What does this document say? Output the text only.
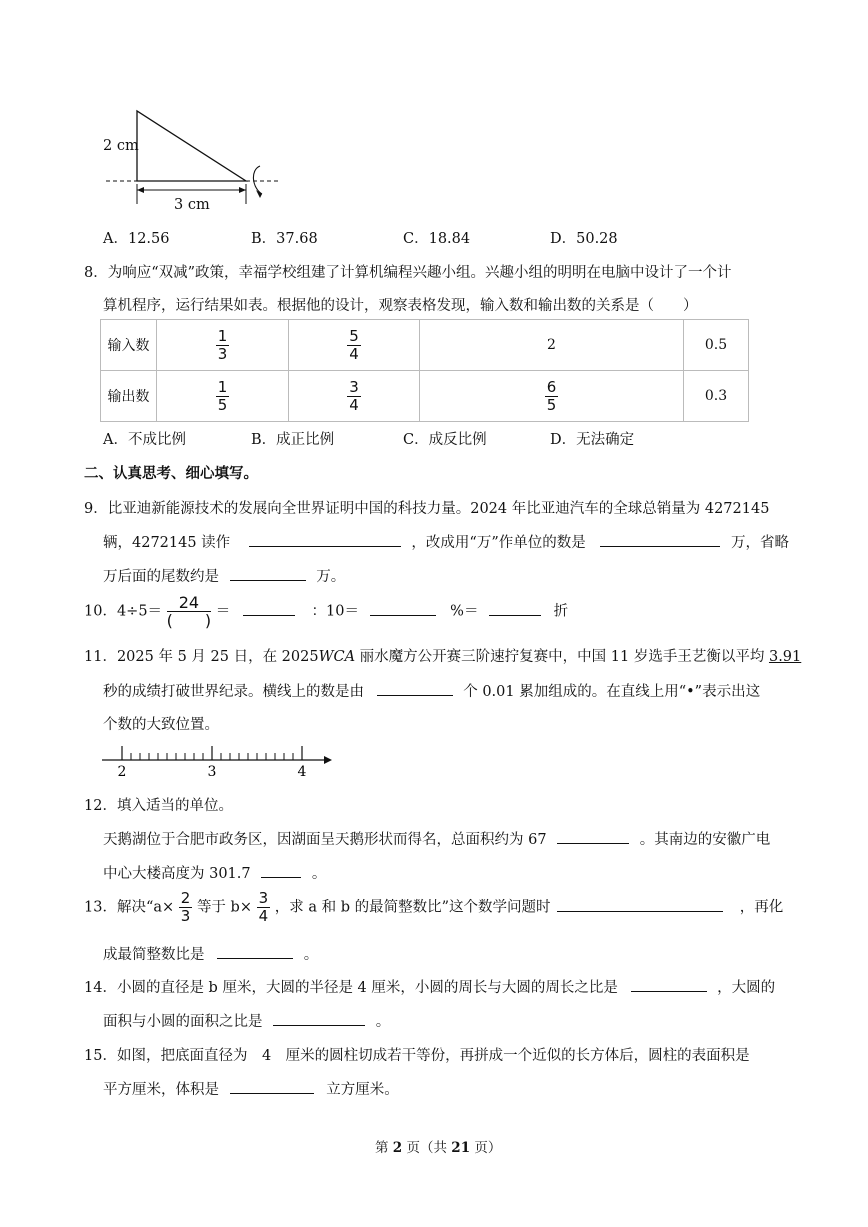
2 cm
3 cm
A．12.56	B．37.68	C．18.84	D．50.28
8．为响应“双减”政策，幸福学校组建了计算机编程兴趣小组。兴趣小组的明明在电脑中设计了一个计
算机程序，运行结果如表。根据他的设计，观察表格发现，输入数和输出数的关系是（　　）
输入数	$\frac{1}{3}$	$\frac{5}{4}$	2	0.5
输出数	$\frac{1}{5}$	$\frac{3}{4}$	$\frac{6}{5}$	0.3
A．不成比例	B．成正比例	C．成反比例	D．无法确定
二、认真思考、细心填写。
9．比亚迪新能源技术的发展向全世界证明中国的科技力量。2024 年比亚迪汽车的全球总销量为 4272145
辆，4272145 读作	，改成用“万”作单位的数是	万，省略
万后面的尾数约是	万。
10．$4\div 5= \frac{24}{( )}$ ＝	：10＝	%＝	折
11．2025 年 5 月 25 日，在 2025WCA 丽水魔方公开赛三阶速拧复赛中，中国 11 岁选手王艺衡以平均 3.91
秒的成绩打破世界纪录。横线上的数是由	个 0.01 累加组成的。在直线上用“•”表示出这
个数的大致位置。
2	3	4
12．填入适当的单位。
天鹅湖位于合肥市政务区，因湖面呈天鹅形状而得名，总面积约为 67	。其南边的安徽广电
中心大楼高度为 301.7	。
13．解决“$a\times \frac{2}{3}$ 等于 $b\times \frac{3}{4}$ ，求 a 和 b 的最简整数比”这个数学问题时	，再化
成最简整数比是	。
14．小圆的直径是 b 厘米，大圆的半径是 4 厘米，小圆的周长与大圆的周长之比是	，大圆的
面积与小圆的面积之比是	。
15．如图，把底面直径为　4　厘米的圆柱切成若干等份，再拼成一个近似的长方体后，圆柱的表面积是
平方厘米，体积是	立方厘米。
第 2 页（共 21 页）
